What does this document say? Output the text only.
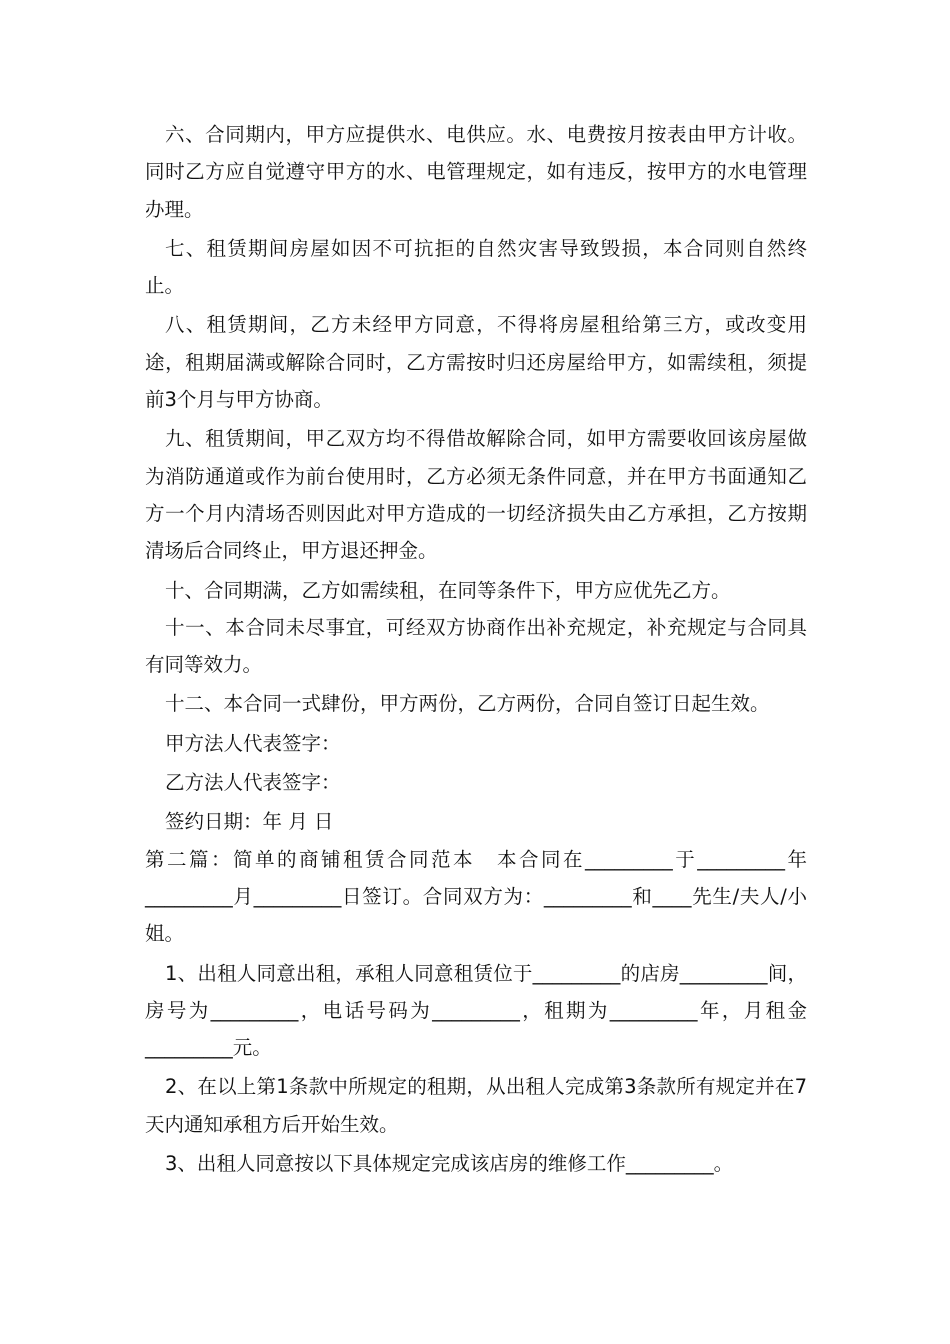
六、合同期内，甲方应提供水、电供应。水、电费按月按表由甲方计收。同时乙方应自觉遵守甲方的水、电管理规定，如有违反，按甲方的水电管理办理。

七、租赁期间房屋如因不可抗拒的自然灾害导致毁损，本合同则自然终止。

八、租赁期间，乙方未经甲方同意，不得将房屋租给第三方，或改变用途，租期届满或解除合同时，乙方需按时归还房屋给甲方，如需续租，须提前3个月与甲方协商。

九、租赁期间，甲乙双方均不得借故解除合同，如甲方需要收回该房屋做为消防通道或作为前台使用时，乙方必须无条件同意，并在甲方书面通知乙方一个月内清场否则因此对甲方造成的一切经济损失由乙方承担，乙方按期清场后合同终止，甲方退还押金。

十、合同期满，乙方如需续租，在同等条件下，甲方应优先乙方。

十一、本合同未尽事宜，可经双方协商作出补充规定，补充规定与合同具有同等效力。

十二、本合同一式肆份，甲方两份，乙方两份，合同自签订日起生效。

甲方法人代表签字：

乙方法人代表签字：

签约日期：年 月 日

第二篇：简单的商铺租赁合同范本　本合同在_________于_________年_________月_________日签订。合同双方为：_________和____先生/夫人/小姐。

1、出租人同意出租，承租人同意租赁位于_________的店房_________间，房号为_________，电话号码为_________，租期为_________年，月租金_________元。

2、在以上第1条款中所规定的租期，从出租人完成第3条款所有规定并在7天内通知承租方后开始生效。

3、出租人同意按以下具体规定完成该店房的维修工作_________。
